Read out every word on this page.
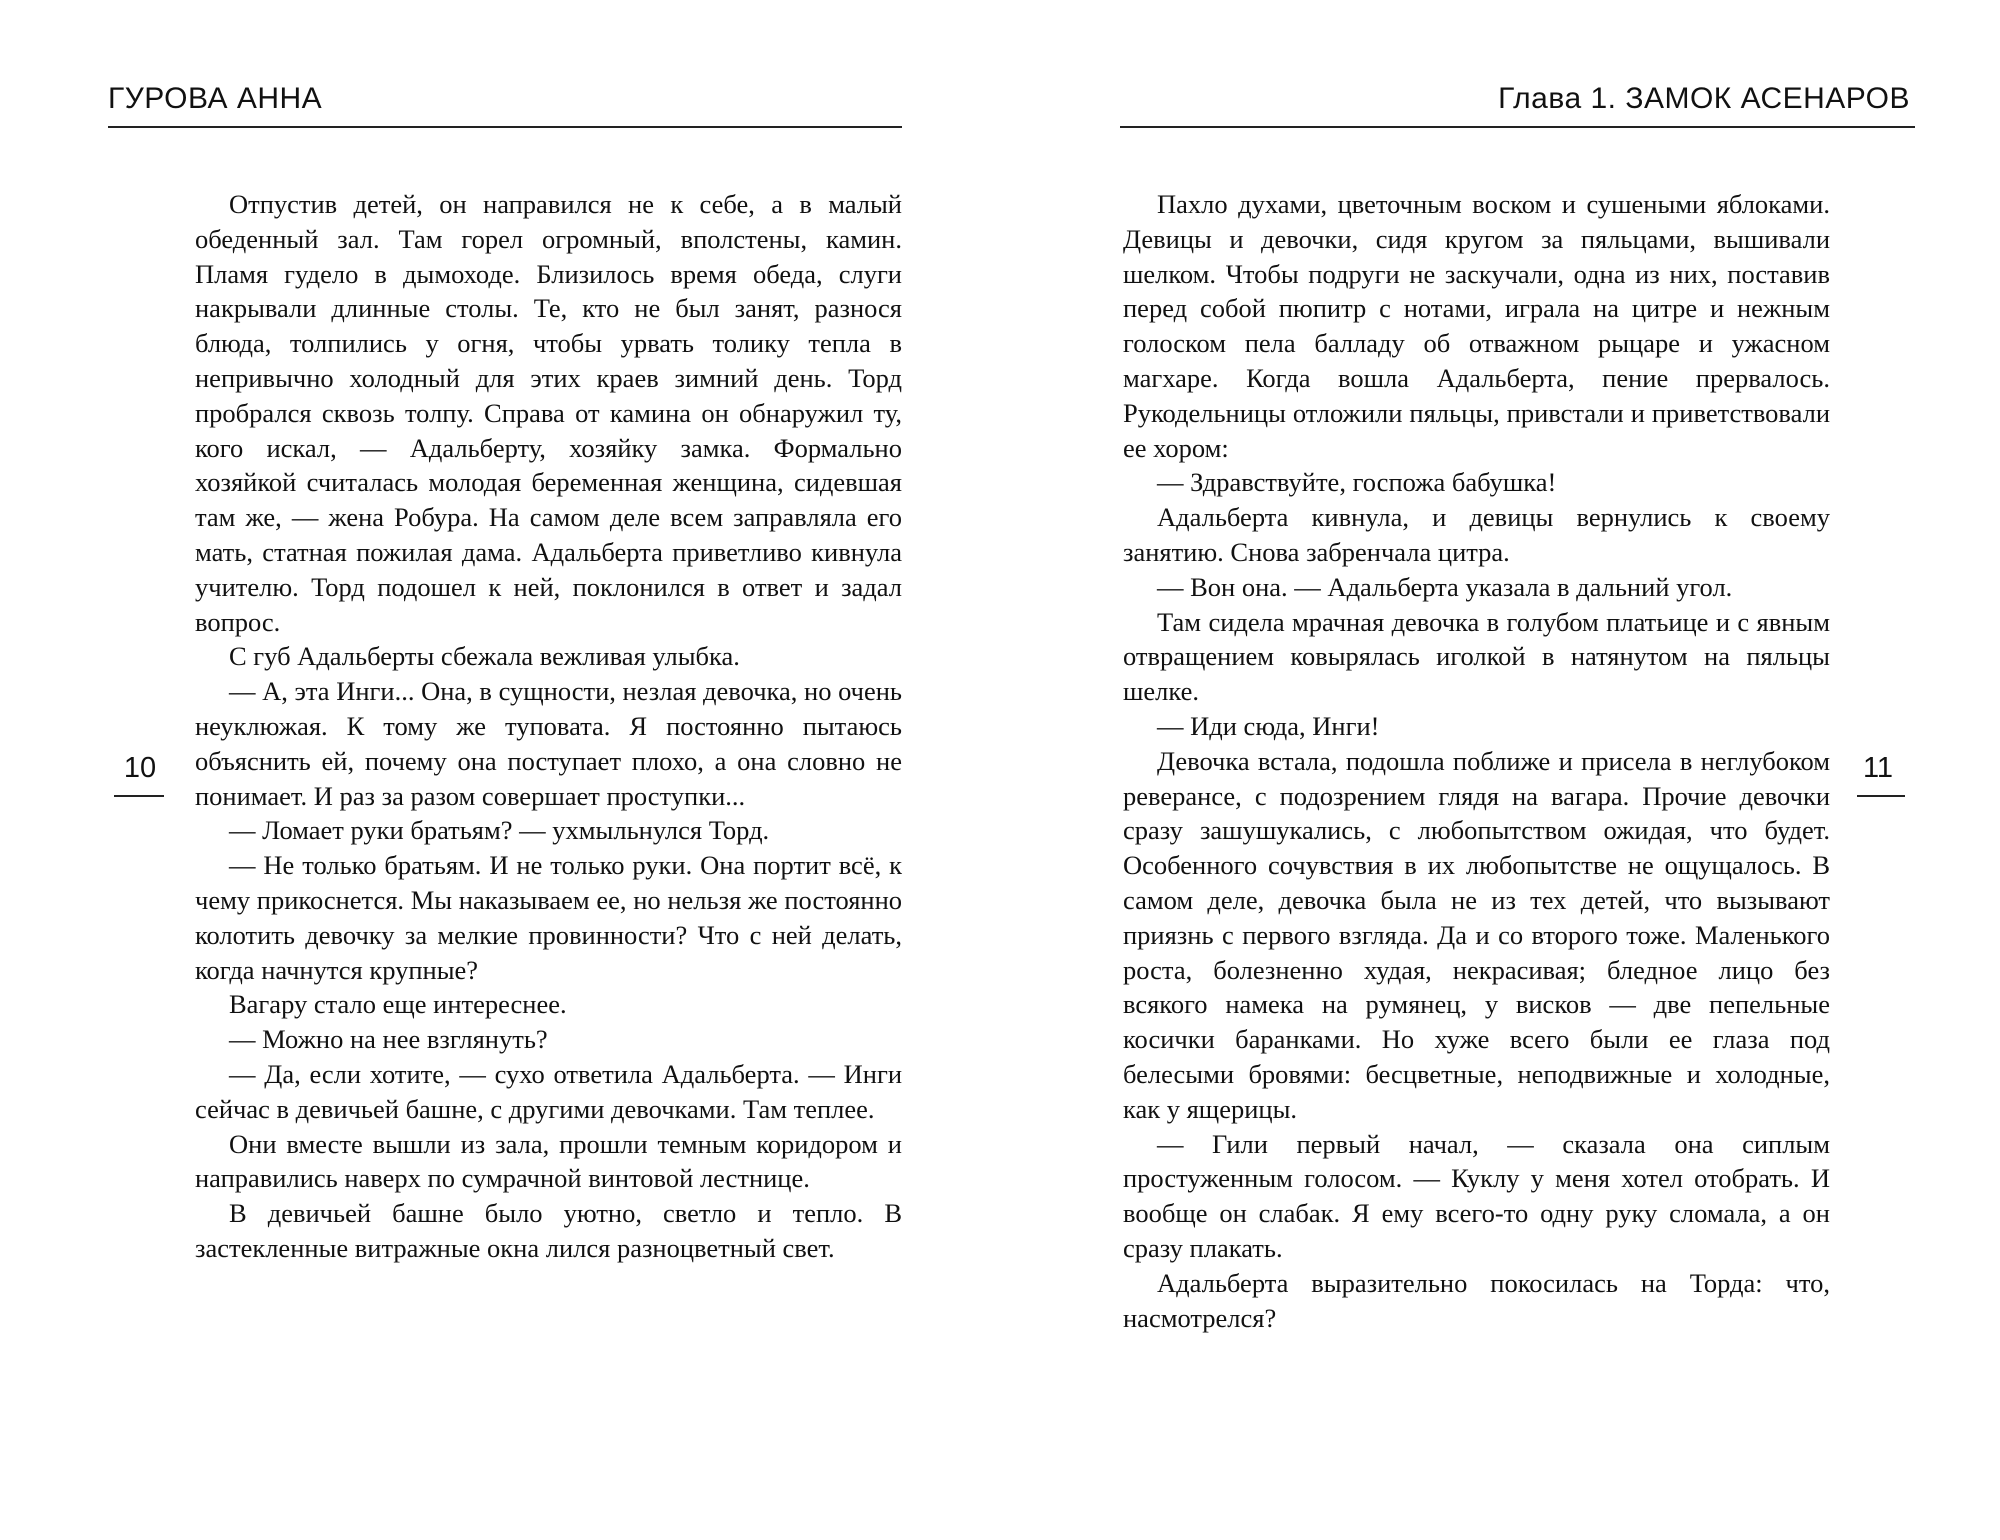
ГУРОВА АННА

Отпустив детей, он направился не к себе, а в малый обеденный зал. Там горел огромный, вполстены, камин. Пламя гудело в дымоходе. Близилось время обеда, слуги накрывали длинные столы. Те, кто не был занят, разнося блюда, толпились у огня, чтобы урвать толику тепла в непривычно холодный для этих краев зимний день. Торд пробрался сквозь толпу. Справа от камина он обнаружил ту, кого искал, — Адальберту, хозяйку замка. Формально хозяйкой считалась молодая беременная женщина, сидевшая там же, — жена Робура. На самом деле всем заправляла его мать, статная пожилая дама. Адальберта приветливо кивнула учителю. Торд подошел к ней, поклонился в ответ и задал вопрос.

С губ Адальберты сбежала вежливая улыбка.

— А, эта Инги... Она, в сущности, незлая девочка, но очень неуклюжая. К тому же туповата. Я постоянно пытаюсь объяснить ей, почему она поступает плохо, а она словно не понимает. И раз за разом совершает проступки...

— Ломает руки братьям? — ухмыльнулся Торд.

— Не только братьям. И не только руки. Она портит всё, к чему прикоснется. Мы наказываем ее, но нельзя же постоянно колотить девочку за мелкие провинности? Что с ней делать, когда начнутся крупные?

Вагару стало еще интереснее.

— Можно на нее взглянуть?

— Да, если хотите, — сухо ответила Адальберта. — Инги сейчас в девичьей башне, с другими девочками. Там теплее.

Они вместе вышли из зала, прошли темным коридором и направились наверх по сумрачной винтовой лестнице.

В девичьей башне было уютно, светло и тепло. В застекленные витражные окна лился разноцветный свет.

10
Глава 1. ЗАМОК АСЕНАРОВ

Пахло духами, цветочным воском и сушеными яблоками. Девицы и девочки, сидя кругом за пяльцами, вышивали шелком. Чтобы подруги не заскучали, одна из них, поставив перед собой пюпитр с нотами, играла на цитре и нежным голоском пела балладу об отважном рыцаре и ужасном магхаре. Когда вошла Адальберта, пение прервалось. Рукодельницы отложили пяльцы, привстали и приветствовали ее хором:

— Здравствуйте, госпожа бабушка!

Адальберта кивнула, и девицы вернулись к своему занятию. Снова забренчала цитра.

— Вон она. — Адальберта указала в дальний угол.

Там сидела мрачная девочка в голубом платьице и с явным отвращением ковырялась иголкой в натянутом на пяльцы шелке.

— Иди сюда, Инги!

Девочка встала, подошла поближе и присела в неглубоком реверансе, с подозрением глядя на вагара. Прочие девочки сразу зашушукались, с любопытством ожидая, что будет. Особенного сочувствия в их любопытстве не ощущалось. В самом деле, девочка была не из тех детей, что вызывают приязнь с первого взгляда. Да и со второго тоже. Маленького роста, болезненно худая, некрасивая; бледное лицо без всякого намека на румянец, у висков — две пепельные косички баранками. Но хуже всего были ее глаза под белесыми бровями: бесцветные, неподвижные и холодные, как у ящерицы.

— Гили первый начал, — сказала она сиплым простуженным голосом. — Куклу у меня хотел отобрать. И вообще он слабак. Я ему всего-то одну руку сломала, а он сразу плакать.

Адальберта выразительно покосилась на Торда: что, насмотрелся?

11
